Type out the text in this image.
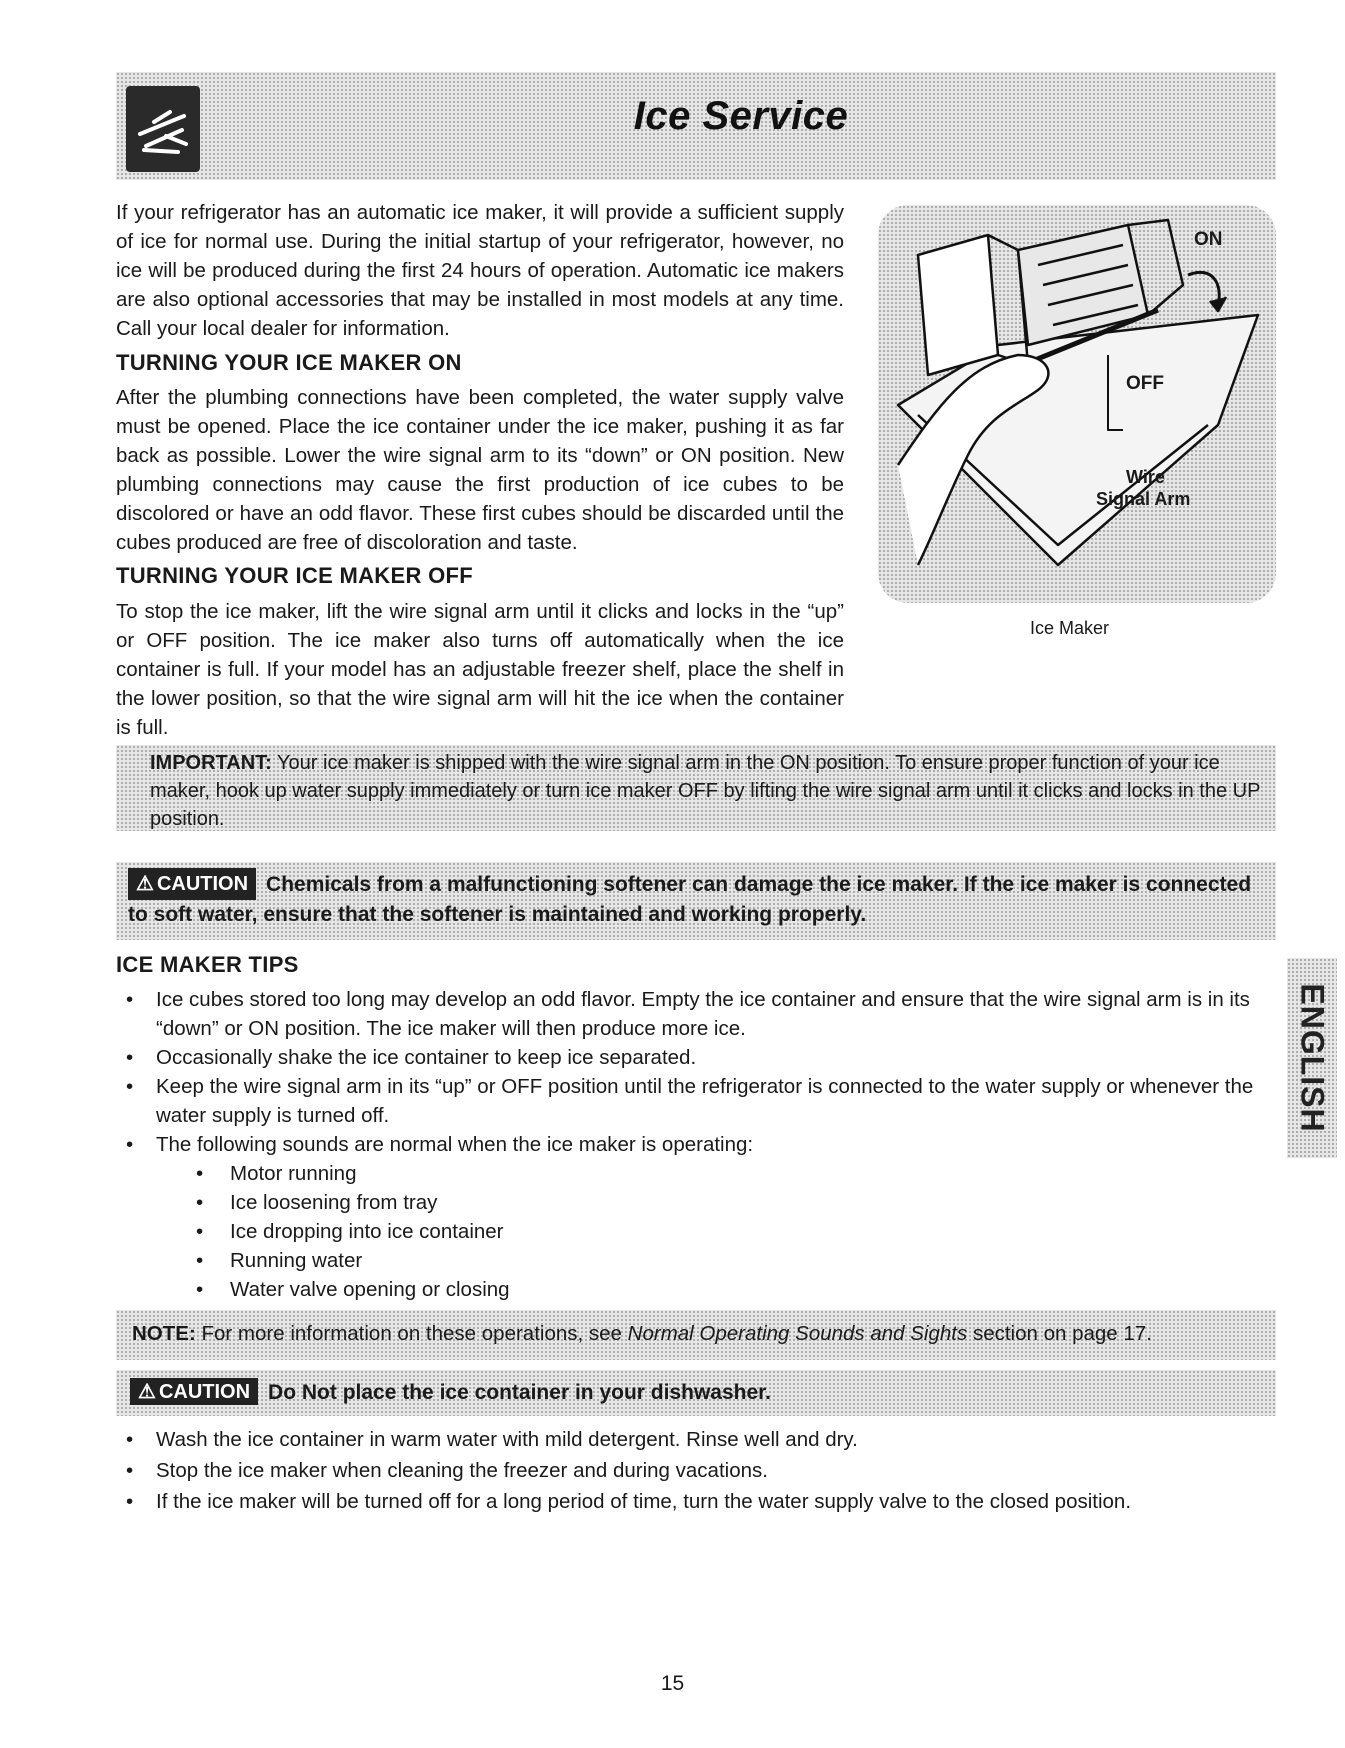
Ice Service

If your refrigerator has an automatic ice maker, it will provide a sufficient supply of ice for normal use. During the initial startup of your refrigerator, however, no ice will be produced during the first 24 hours of operation. Automatic ice makers are also optional accessories that may be installed in most models at any time. Call your local dealer for information.

TURNING YOUR ICE MAKER ON

After the plumbing connections have been completed, the water supply valve must be opened. Place the ice container under the ice maker, pushing it as far back as possible. Lower the wire signal arm to its “down” or ON position. New plumbing connections may cause the first production of ice cubes to be discolored or have an odd flavor. These first cubes should be discarded until the cubes produced are free of discoloration and taste.

TURNING YOUR ICE MAKER OFF

To stop the ice maker, lift the wire signal arm until it clicks and locks in the “up” or OFF position. The ice maker also turns off automatically when the ice container is full. If your model has an adjustable freezer shelf, place the shelf in the lower position, so that the wire signal arm will hit the ice when the container is full.

ON
OFF
Wire
Signal Arm
Ice Maker

IMPORTANT: Your ice maker is shipped with the wire signal arm in the ON position. To ensure proper function of your ice maker, hook up water supply immediately or turn ice maker OFF by lifting the wire signal arm until it clicks and locks in the UP position.

⚠ CAUTION Chemicals from a malfunctioning softener can damage the ice maker. If the ice maker is connected to soft water, ensure that the softener is maintained and working properly.

ICE MAKER TIPS
• Ice cubes stored too long may develop an odd flavor. Empty the ice container and ensure that the wire signal arm is in its “down” or ON position. The ice maker will then produce more ice.
• Occasionally shake the ice container to keep ice separated.
• Keep the wire signal arm in its “up” or OFF position until the refrigerator is connected to the water supply or whenever the water supply is turned off.
• The following sounds are normal when the ice maker is operating:
• Motor running
• Ice loosening from tray
• Ice dropping into ice container
• Running water
• Water valve opening or closing
ENGLISH

NOTE: For more information on these operations, see Normal Operating Sounds and Sights section on page 17.

⚠ CAUTION Do Not place the ice container in your dishwasher.

• Wash the ice container in warm water with mild detergent. Rinse well and dry.
• Stop the ice maker when cleaning the freezer and during vacations.
• If the ice maker will be turned off for a long period of time, turn the water supply valve to the closed position.
15
